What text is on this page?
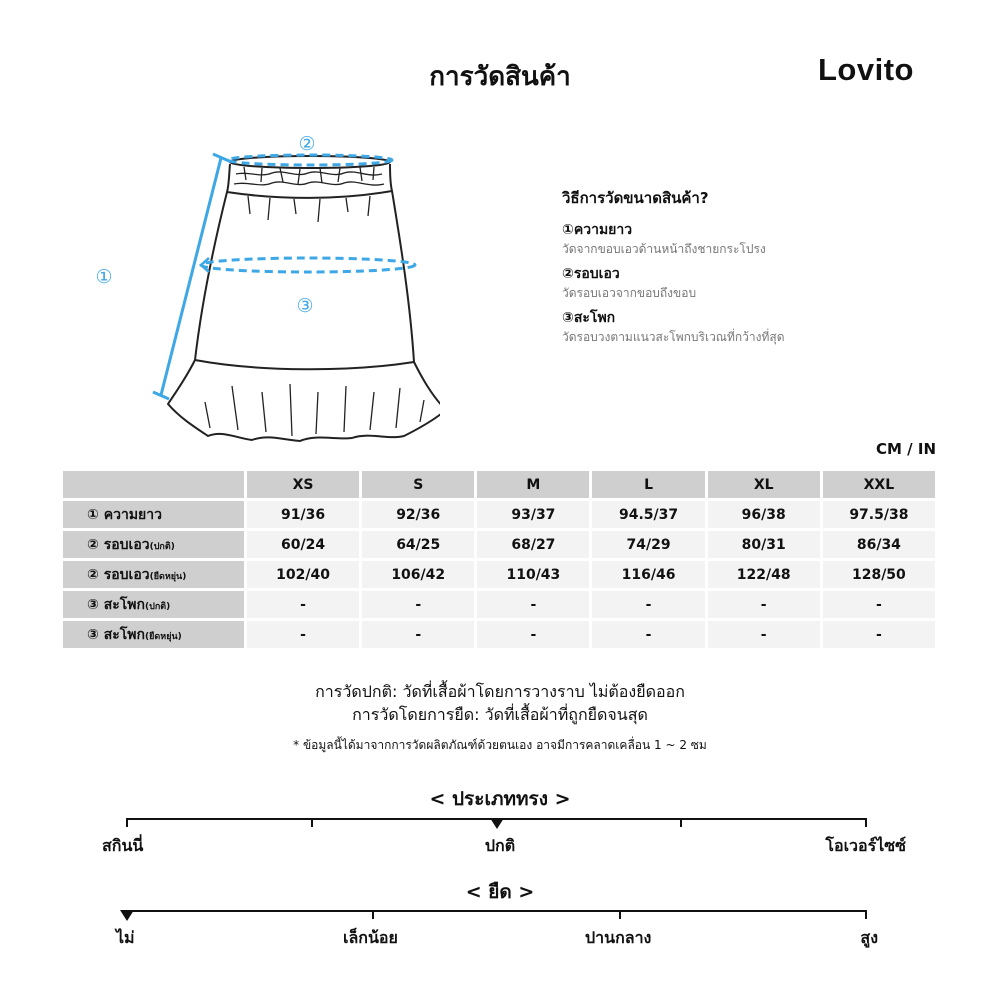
การวัดสินค้า	Lovito
②
③
①
วิธีการวัดขนาดสินค้า?
①ความยาว
วัดจากขอบเอวด้านหน้าถึงชายกระโปรง
②รอบเอว
วัดรอบเอวจากขอบถึงขอบ
③สะโพก
วัดรอบวงตามแนวสะโพกบริเวณที่กว้างที่สุด
CM / IN
	XS	S	M	L	XL	XXL
① ความยาว	91/36	92/36	93/37	94.5/37	96/38	97.5/38
② รอบเอว(ปกติ)	60/24	64/25	68/27	74/29	80/31	86/34
② รอบเอว(ยืดหยุ่น)	102/40	106/42	110/43	116/46	122/48	128/50
③ สะโพก(ปกติ)	-	-	-	-	-	-
③ สะโพก(ยืดหยุ่น)	-	-	-	-	-	-
การวัดปกติ: วัดที่เสื้อผ้าโดยการวางราบ ไม่ต้องยืดออก
การวัดโดยการยืด: วัดที่เสื้อผ้าที่ถูกยืดจนสุด
* ข้อมูลนี้ได้มาจากการวัดผลิตภัณฑ์ด้วยตนเอง อาจมีการคลาดเคลื่อน 1 ~ 2 ซม
< ประเภททรง >
สกินนี่	ปกติ	โอเวอร์ไซซ์
< ยืด >
ไม่	เล็กน้อย	ปานกลาง	สูง
